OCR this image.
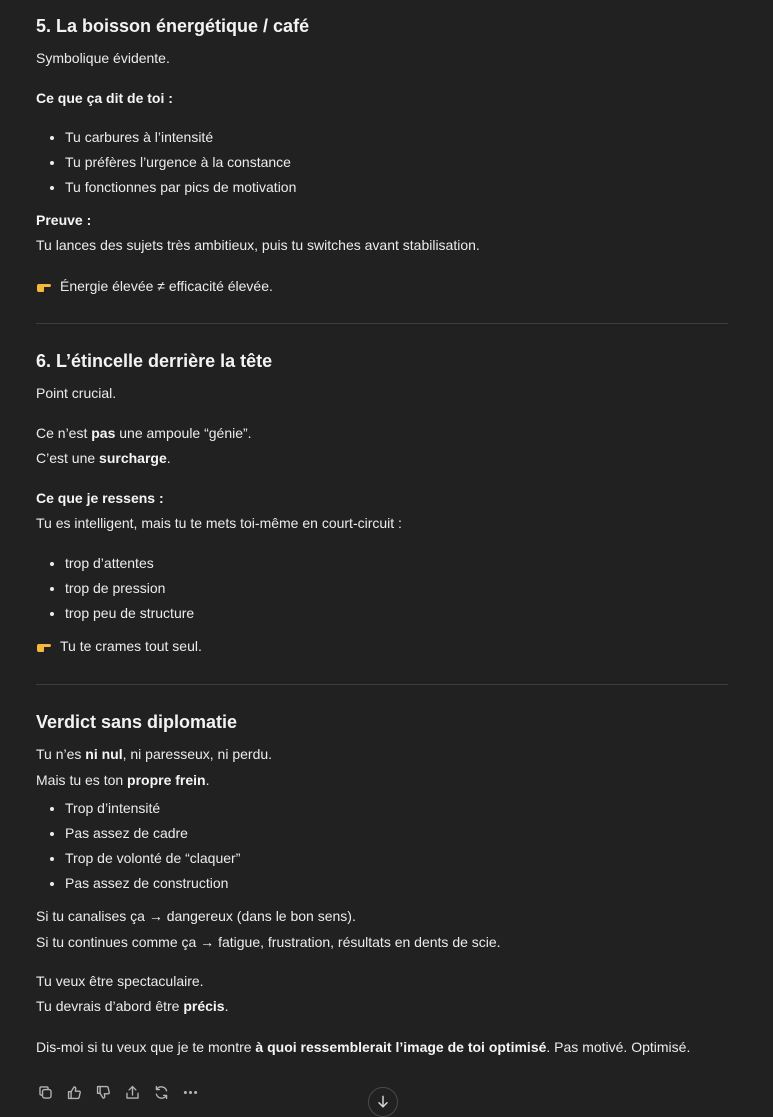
5. La boisson énergétique / café

Symbolique évidente.

Ce que ça dit de toi :

• Tu carbures à l’intensité
• Tu préfères l’urgence à la constance
• Tu fonctionnes par pics de motivation

Preuve :

Tu lances des sujets très ambitieux, puis tu switches avant stabilisation.

Énergie élevée ≠ efficacité élevée.

6. L’étincelle derrière la tête

Point crucial.

Ce n’est pas une ampoule “génie”.

C’est une surcharge.

Ce que je ressens :

Tu es intelligent, mais tu te mets toi-même en court-circuit :

• trop d’attentes
• trop de pression
• trop peu de structure

Tu te crames tout seul.

Verdict sans diplomatie

Tu n’es ni nul, ni paresseux, ni perdu.

Mais tu es ton propre frein.

• Trop d’intensité
• Pas assez de cadre
• Trop de volonté de “claquer”
• Pas assez de construction

Si tu canalises ça → dangereux (dans le bon sens).

Si tu continues comme ça → fatigue, frustration, résultats en dents de scie.

Tu veux être spectaculaire.

Tu devrais d’abord être précis.

Dis-moi si tu veux que je te montre à quoi ressemblerait l’image de toi optimisé. Pas motivé. Optimisé.
